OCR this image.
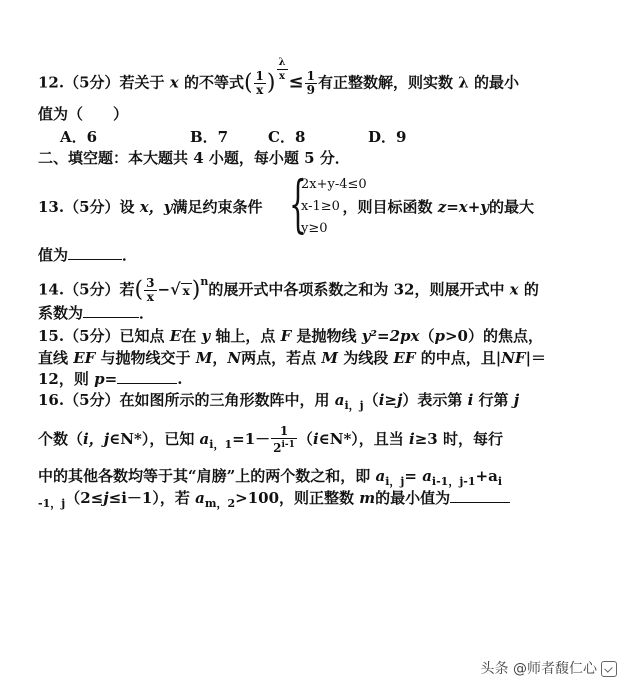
12.（5分）若关于 x 的不等式( $\frac{1}{x}$ ) $\frac{\lambda}{x} \le \frac{1}{9}$ 有正整数解，则实数 λ 的最小
值为（　　）
A．6	B．7	C．8	D．9
二、填空题：本大题共 4 小题，每小题 5 分．
13.（5分）设 x，y满足约束条件	，则目标函数 z=x+y的最大
{
2x+y-4≤0
x-1≥0
y≥0
值为	．
14.（5分）若( $\frac{3}{x}$ −√ x)$^n$的展开式中各项系数之和为 32，则展开式中 x 的
系数为	．
15.（5分）已知点 E在 y 轴上，点 F 是抛物线 y²=2px（p>0）的焦点，
直线 EF 与抛物线交于 M，N两点，若点 M 为线段 EF 的中点，且|NF|＝
12，则 p=	.
16.（5分）在如图所示的三角形数阵中，用 $a_{i,j}(i\ge j)$表示第 i 行第 j
个数（i，j∈N*），已知 $a_{i,1}=1- \frac{1}{2^{i-1}}$ （i∈N*），且当 i≥3 时，每行
中的其他各数均等于其“肩膀”上的两个数之和，即 $a_{i,j}= a_{i-1,j-1}+a_i$
$_{-1,j}$（2≤j≤i－1），若 $a_{m,2}>100$，则正整数 m的最小值为
头条 @师者馥仁心
